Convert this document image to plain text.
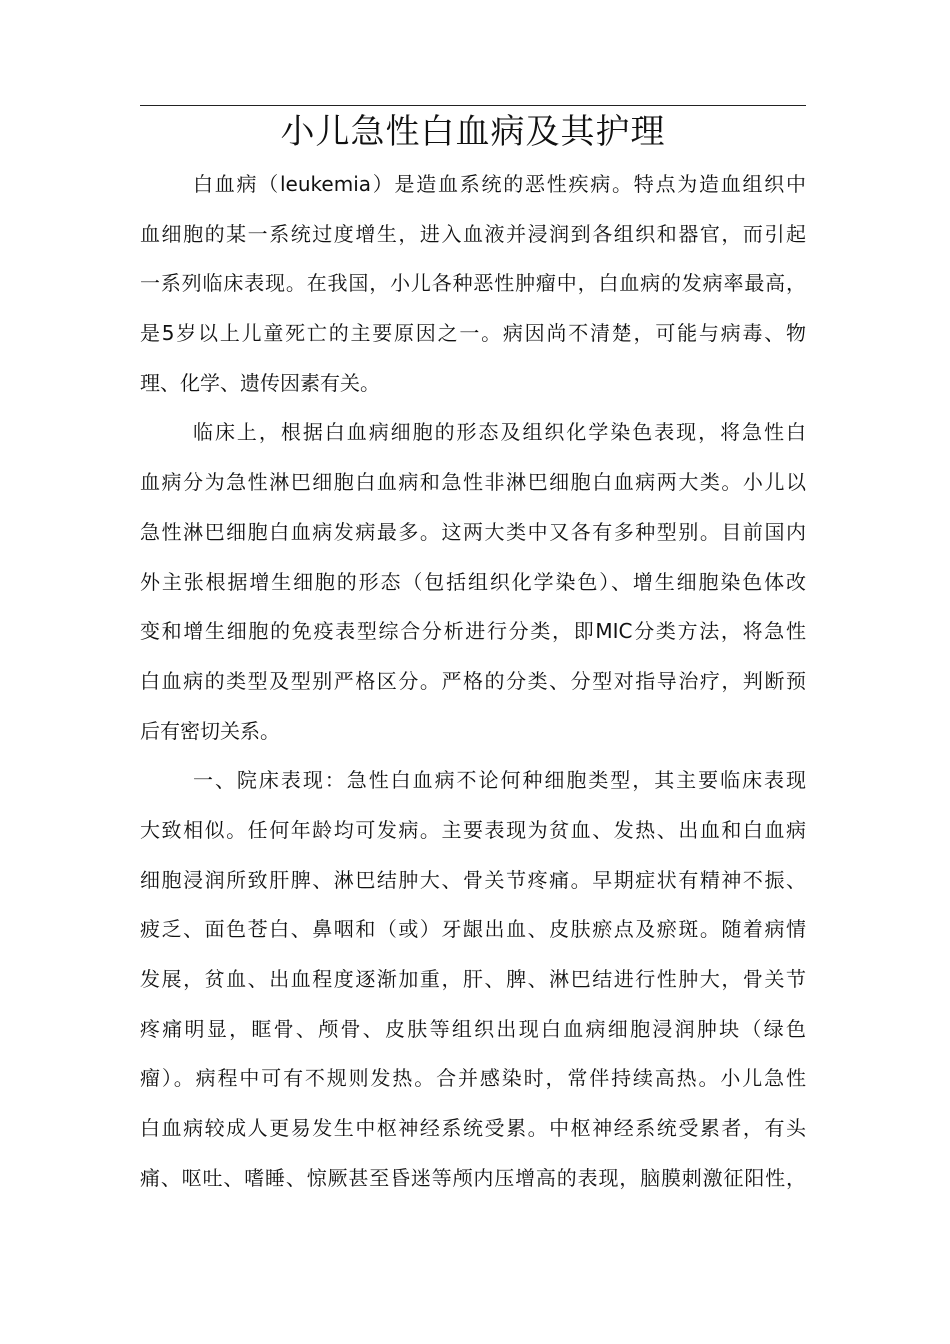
小儿急性白血病及其护理
白血病（leukemia）是造血系统的恶性疾病。特点为造血组织中
血细胞的某一系统过度增生，进入血液并浸润到各组织和器官，而引起
一系列临床表现。在我国，小儿各种恶性肿瘤中，白血病的发病率最高，
是5岁以上儿童死亡的主要原因之一。病因尚不清楚，可能与病毒、物
理、化学、遗传因素有关。
临床上，根据白血病细胞的形态及组织化学染色表现，将急性白
血病分为急性淋巴细胞白血病和急性非淋巴细胞白血病两大类。小儿以
急性淋巴细胞白血病发病最多。这两大类中又各有多种型别。目前国内
外主张根据增生细胞的形态（包括组织化学染色）、增生细胞染色体改
变和增生细胞的免疫表型综合分析进行分类，即MIC分类方法，将急性
白血病的类型及型别严格区分。严格的分类、分型对指导治疗，判断预
后有密切关系。
一、院床表现：急性白血病不论何种细胞类型，其主要临床表现
大致相似。任何年龄均可发病。主要表现为贫血、发热、出血和白血病
细胞浸润所致肝脾、淋巴结肿大、骨关节疼痛。早期症状有精神不振、
疲乏、面色苍白、鼻咽和（或）牙龈出血、皮肤瘀点及瘀斑。随着病情
发展，贫血、出血程度逐渐加重，肝、脾、淋巴结进行性肿大，骨关节
疼痛明显，眶骨、颅骨、皮肤等组织出现白血病细胞浸润肿块（绿色
瘤）。病程中可有不规则发热。合并感染时，常伴持续高热。小儿急性
白血病较成人更易发生中枢神经系统受累。中枢神经系统受累者，有头
痛、呕吐、嗜睡、惊厥甚至昏迷等颅内压增高的表现，脑膜刺激征阳性，
